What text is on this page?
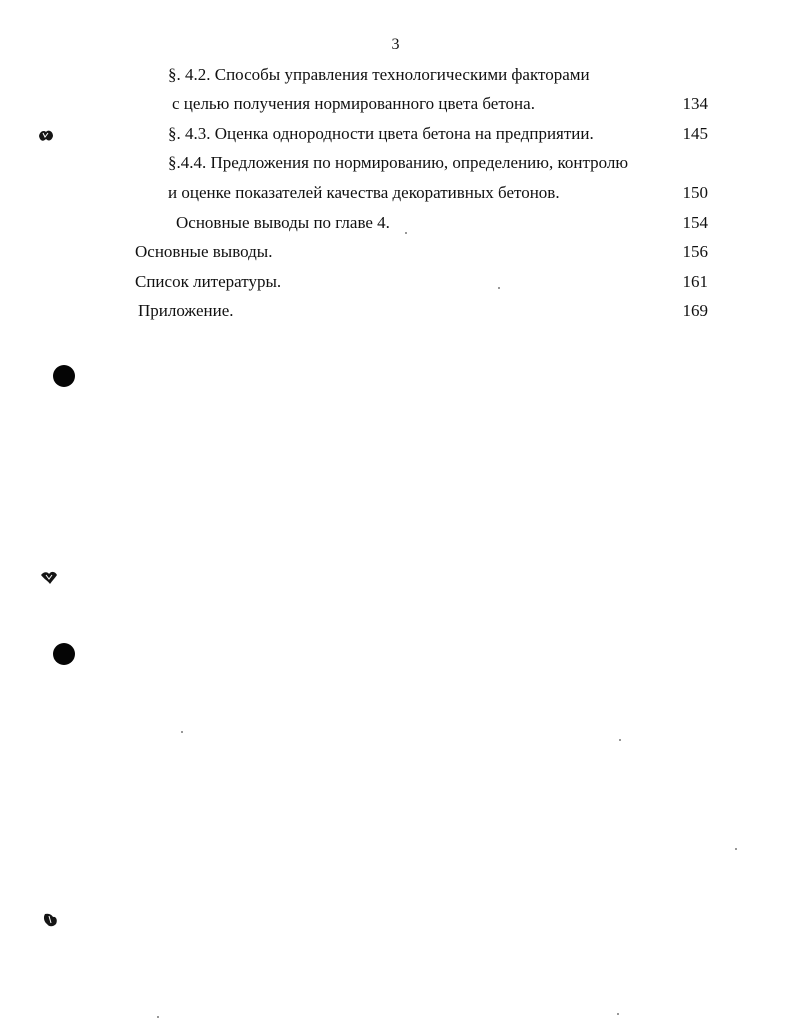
3
§. 4.2. Способы управления технологическими факторами
с целью получения нормированного цвета бетона.	134
§. 4.3. Оценка однородности цвета бетона на предприятии.	145
§.4.4. Предложения по нормированию, определению, контролю
и оценке показателей качества декоративных бетонов.	150
Основные выводы по главе 4.	154
Основные выводы.	156
Список литературы.	161
Приложение.	169
